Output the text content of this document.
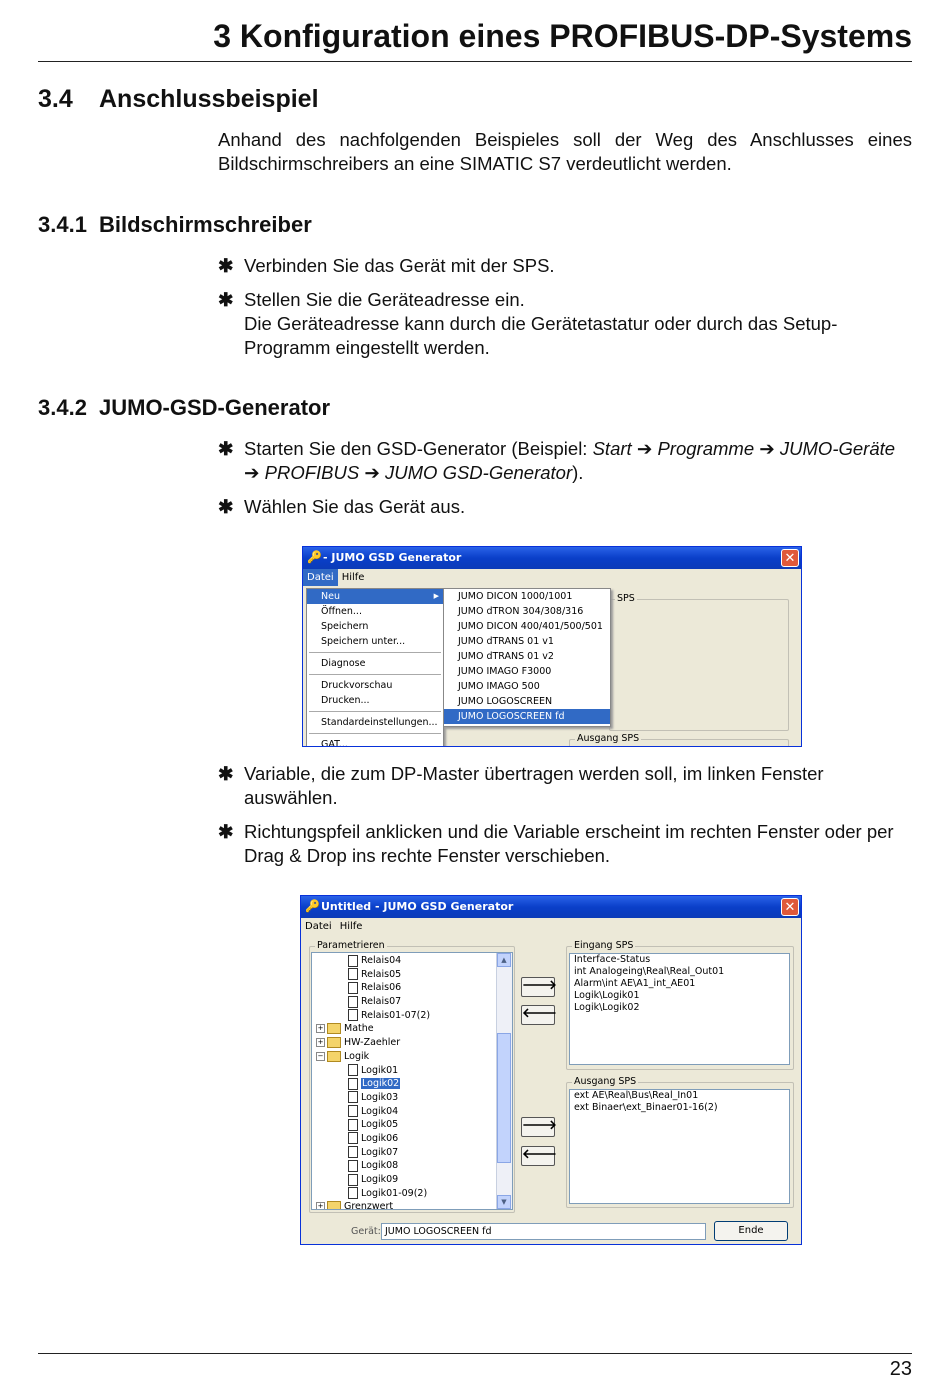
3 Konfiguration eines PROFIBUS-DP-Systems
3.4 Anschlussbeispiel
Anhand des nachfolgenden Beispieles soll der Weg des Anschlusses eines Bildschirmschreibers an eine SIMATIC S7 verdeutlicht werden.
3.4.1 Bildschirmschreiber
✱ Verbinden Sie das Gerät mit der SPS.
✱ Stellen Sie die Geräteadresse ein.
Die Geräteadresse kann durch die Gerätetastatur oder durch das Setup-Programm eingestellt werden.
3.4.2 JUMO-GSD-Generator
✱ Starten Sie den GSD-Generator (Beispiel: Start ➔ Programme ➔ JUMO-Geräte ➔ PROFIBUS ➔ JUMO GSD-Generator).
✱ Wählen Sie das Gerät aus.
🔑 - JUMO GSD Generator	✕
Datei Hilfe
SPS
Ausgang SPS
Neu	▶
Öffnen...
Speichern
Speichern unter...
Diagnose
Druckvorschau
Drucken...
Standardeinstellungen...
GAT...
JUMO DICON 1000/1001
JUMO dTRON 304/308/316
JUMO DICON 400/401/500/501
JUMO dTRANS 01 v1
JUMO dTRANS 01 v2
JUMO IMAGO F3000
JUMO IMAGO 500
JUMO LOGOSCREEN
JUMO LOGOSCREEN fd
✱ Variable, die zum DP-Master übertragen werden soll, im linken Fenster auswählen.
✱ Richtungspfeil anklicken und die Variable erscheint im rechten Fenster oder per Drag & Drop ins rechte Fenster verschieben.
🔑 Untitled - JUMO GSD Generator	✕
Datei Hilfe
Parametrieren
Relais04
Relais05
Relais06
Relais07
Relais01-07(2)
+ Mathe
+ HW-Zaehler
− Logik
Logik01
Logik02
Logik03
Logik04
Logik05
Logik06
Logik07
Logik08
Logik09
Logik01-09(2)
+ Grenzwert
▲
▼
🡒
🡐
🡒
🡐
Eingang SPS
Interface-Status
int Analogeing\Real\Real_Out01
Alarm\int AE\A1_int_AE01
Logik\Logik01
Logik\Logik02
Ausgang SPS
ext AE\Real\Bus\Real_In01
ext Binaer\ext_Binaer01-16(2)
Gerät: JUMO LOGOSCREEN fd	Ende
23
